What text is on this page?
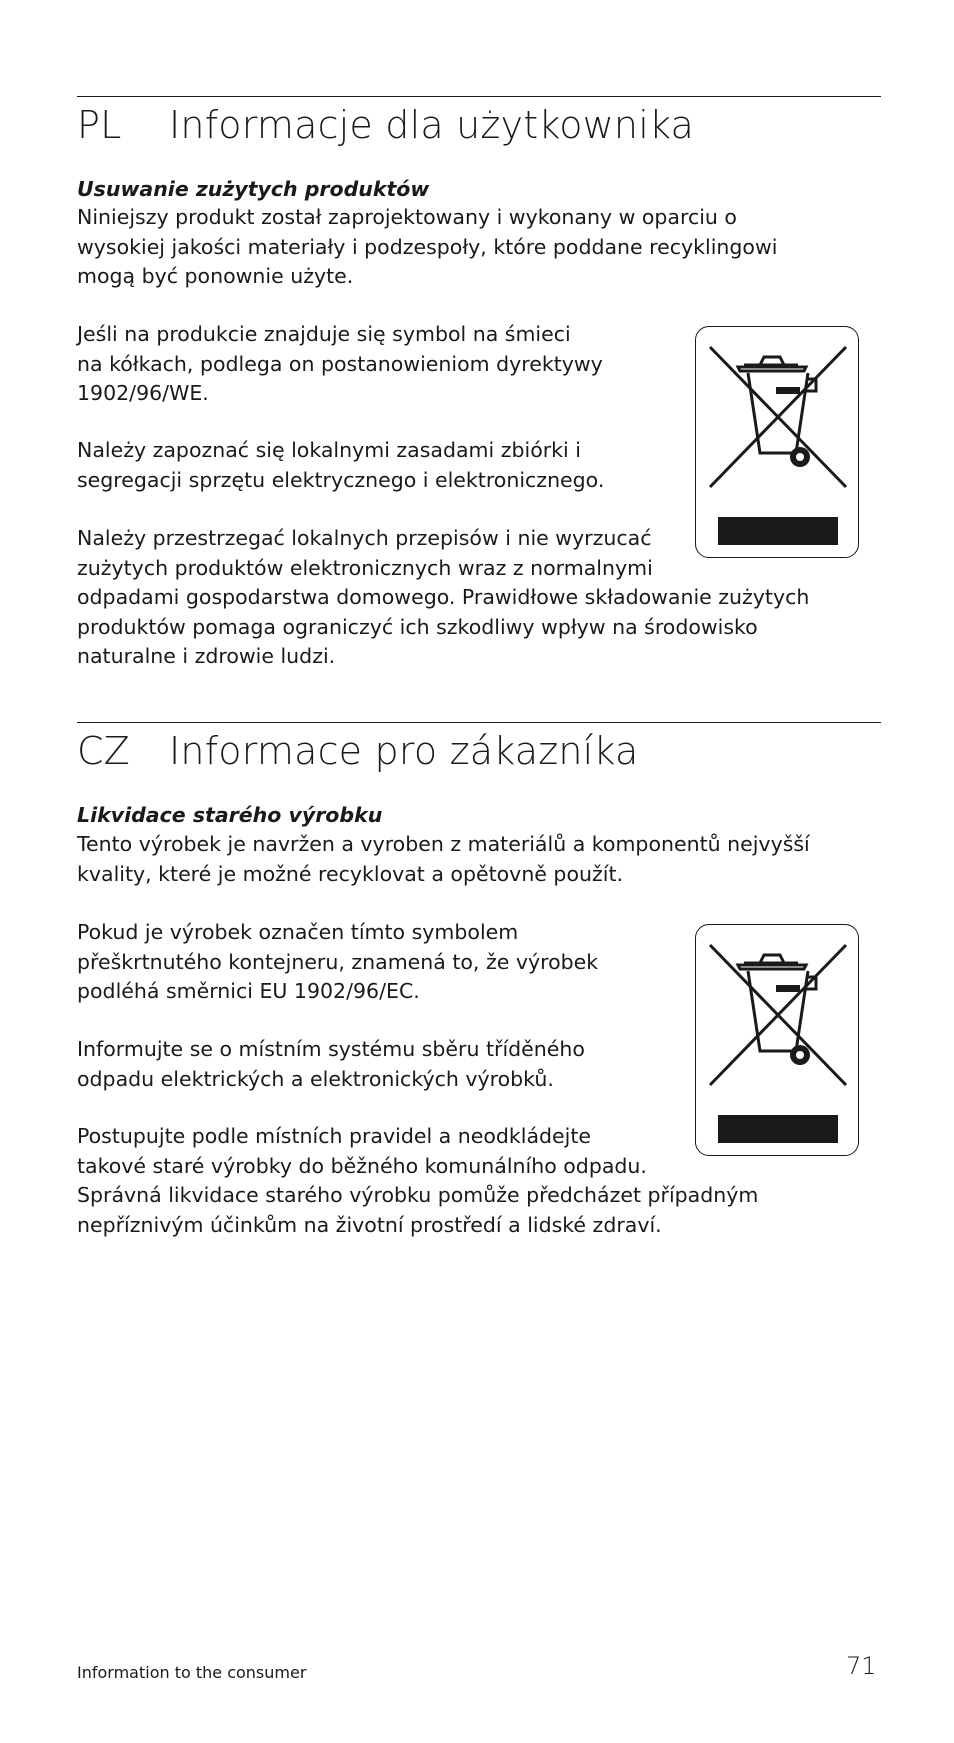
PL Informacje dla użytkownika
Usuwanie zużytych produktów
Niniejszy produkt został zaprojektowany i wykonany w oparciu o
wysokiej jakości materiały i podzespoły, które poddane recyklingowi
mogą być ponownie użyte.
Jeśli na produkcie znajduje się symbol na śmieci
na kółkach, podlega on postanowieniom dyrektywy
1902/96/WE.
Należy zapoznać się lokalnymi zasadami zbiórki i
segregacji sprzętu elektrycznego i elektronicznego.
Należy przestrzegać lokalnych przepisów i nie wyrzucać
zużytych produktów elektronicznych wraz z normalnymi
odpadami gospodarstwa domowego. Prawidłowe składowanie zużytych
produktów pomaga ograniczyć ich szkodliwy wpływ na środowisko
naturalne i zdrowie ludzi.
CZ Informace pro zákazníka
Likvidace starého výrobku
Tento výrobek je navržen a vyroben z materiálů a komponentů nejvyšší
kvality, které je možné recyklovat a opětovně použít.
Pokud je výrobek označen tímto symbolem
přeškrtnutého kontejneru, znamená to, že výrobek
podléhá směrnici EU 1902/96/EC.
Informujte se o místním systému sběru tříděného
odpadu elektrických a elektronických výrobků.
Postupujte podle místních pravidel a neodkládejte
takové staré výrobky do běžného komunálního odpadu.
Správná likvidace starého výrobku pomůže předcházet případným
nepříznivým účinkům na životní prostředí a lidské zdraví.
Information to the consumer	71
